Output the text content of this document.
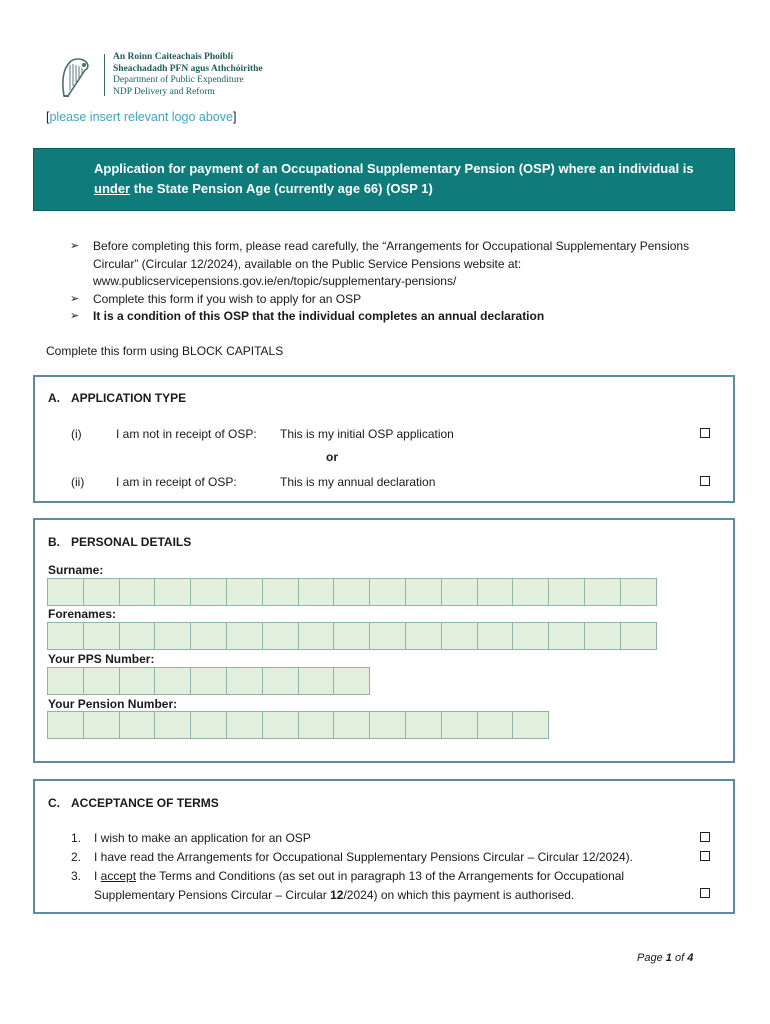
An Roinn Caiteachais Phoiblí
Sheachadadh PFN agus Athchóirithe
Department of Public Expenditure
NDP Delivery and Reform
[please insert relevant logo above]
Application for payment of an Occupational Supplementary Pension (OSP) where an individual is under the State Pension Age (currently age 66) (OSP 1)
➢ Before completing this form, please read carefully, the “Arrangements for Occupational Supplementary Pensions Circular” (Circular 12/2024), available on the Public Service Pensions website at: www.publicservicepensions.gov.ie/en/topic/supplementary-pensions/
➢ Complete this form if you wish to apply for an OSP
➢ It is a condition of this OSP that the individual completes an annual declaration
Complete this form using BLOCK CAPITALS
A. APPLICATION TYPE
(i)	I am not in receipt of OSP: This is my initial OSP application
or
(ii)	I am in receipt of OSP:	This is my annual declaration
B. PERSONAL DETAILS
Surname:
Forenames:
Your PPS Number:
Your Pension Number:
C. ACCEPTANCE OF TERMS
1. I wish to make an application for an OSP
2. I have read the Arrangements for Occupational Supplementary Pensions Circular – Circular 12/2024).
3. I accept the Terms and Conditions (as set out in paragraph 13 of the Arrangements for Occupational Supplementary Pensions Circular – Circular 12/2024) on which this payment is authorised.
Page 1 of 4
